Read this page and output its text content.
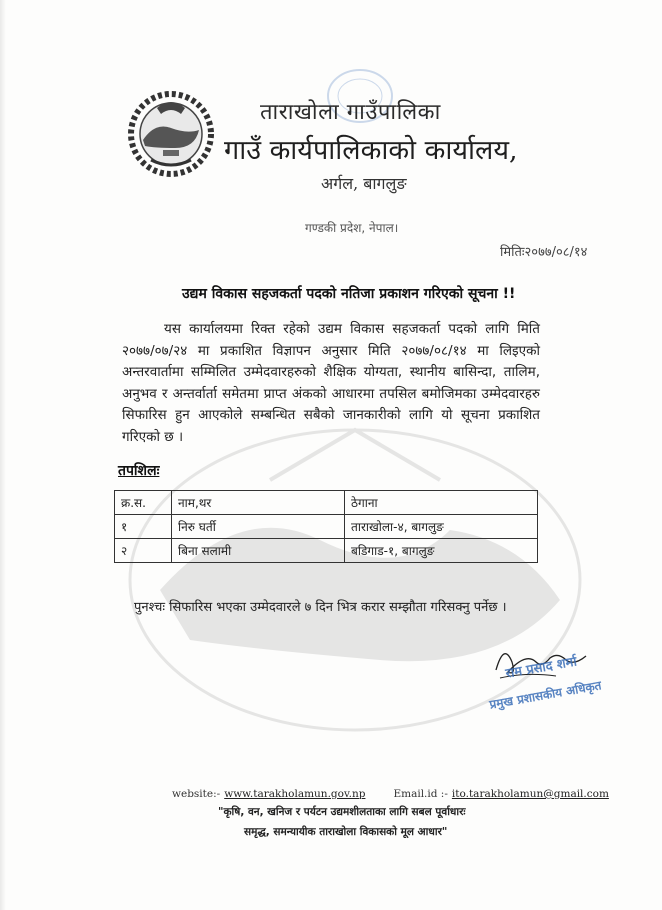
ताराखोला गाउँपालिका
गाउँ कार्यपालिकाको कार्यालय,
अर्गल, बागलुङ
गण्डकी प्रदेश, नेपाल।
मितिः२०७७/०८/१४
उद्यम विकास सहजकर्ता पदको नतिजा प्रकाशन गरिएको सूचना !!
यस कार्यालयमा रिक्त रहेको उद्यम विकास सहजकर्ता पदको लागि मिति २०७७/०७/२४ मा प्रकाशित विज्ञापन अनुसार मिति २०७७/०८/१४ मा लिइएको अन्तरवार्तामा सम्मिलित उम्मेदवारहरुको शैक्षिक योग्यता, स्थानीय बासिन्दा, तालिम, अनुभव र अन्तर्वार्ता समेतमा प्राप्त अंकको आधारमा तपसिल बमोजिमका उम्मेदवारहरु सिफारिस हुन आएकोले सम्बन्धित सबैको जानकारीको लागि यो सूचना प्रकाशित गरिएको छ ।
तपशिलः
क्र.स.	नाम,थर	ठेगाना
१	निरु घर्ती	ताराखोला-४, बागलुङ
२	बिना सलामी	बडिगाड-१, बागलुङ
पुनश्चः सिफारिस भएका उम्मेदवारले ७ दिन भित्र करार सम्झौता गरिसक्नु पर्नेछ ।
राम प्रसाद शर्मा
प्रमुख प्रशासकीय अधिकृत
website:- www.tarakholamun.gov.np	Email.id :- ito.tarakholamun@gmail.com
"कृषि, वन, खनिज र पर्यटन उद्यमशीलताका लागि सबल पूर्वाधारः
समृद्ध, समन्यायीक ताराखोला विकासको मूल आधार"
